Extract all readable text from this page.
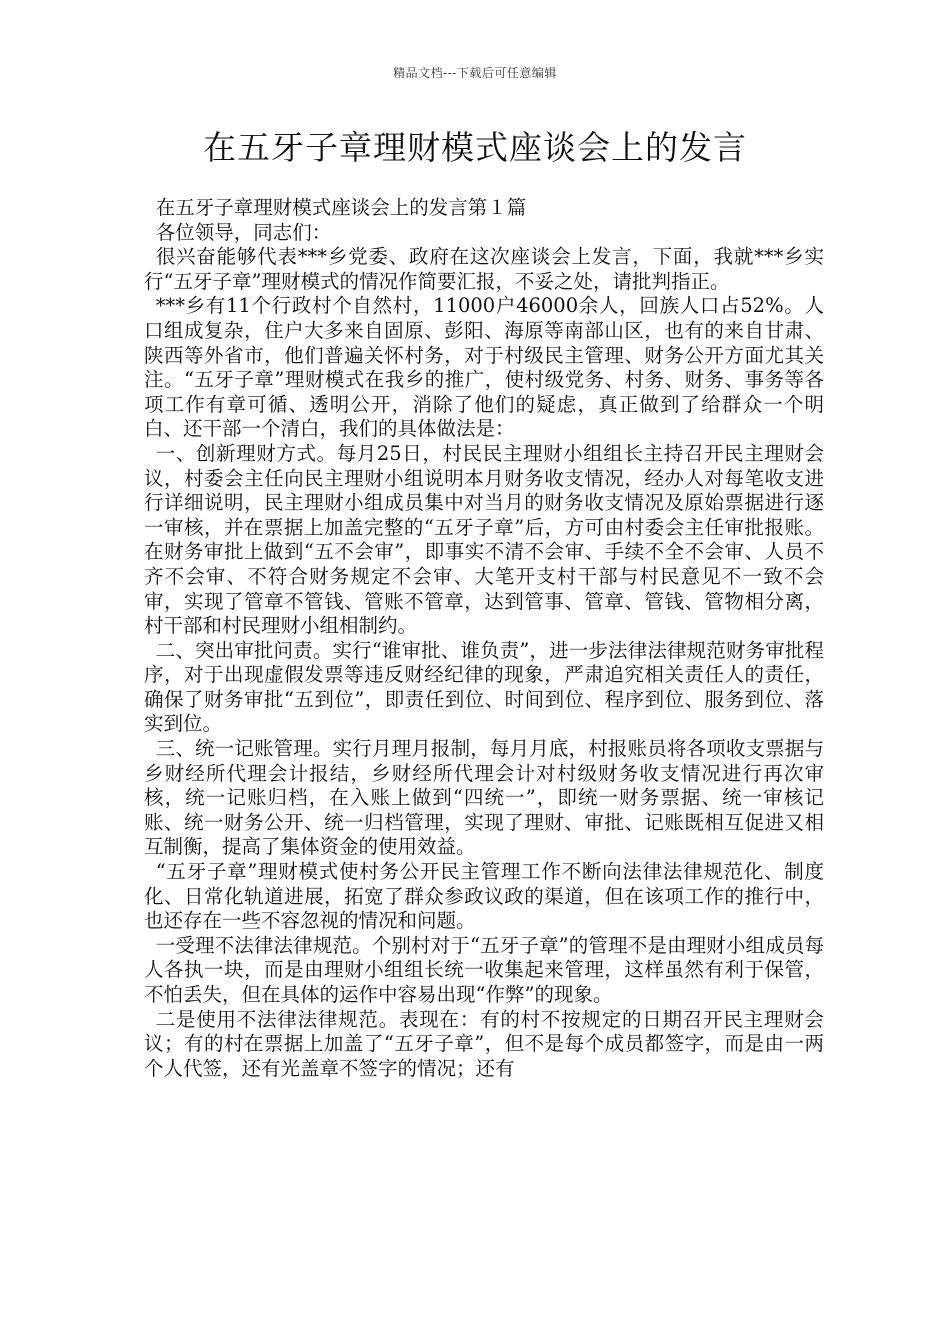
精品文档---下载后可任意编辑
在五牙子章理财模式座谈会上的发言

在五牙子章理财模式座谈会上的发言第１篇

各位领导，同志们：

很兴奋能够代表***乡党委、政府在这次座谈会上发言，下面，我就***乡实行“五牙子章”理财模式的情况作简要汇报，不妥之处，请批判指正。

***乡有11个行政村个自然村，11000户46000余人，回族人口占52%。人口组成复杂，住户大多来自固原、彭阳、海原等南部山区，也有的来自甘肃、陕西等外省市，他们普遍关怀村务，对于村级民主管理、财务公开方面尤其关注。“五牙子章”理财模式在我乡的推广，使村级党务、村务、财务、事务等各项工作有章可循、透明公开，消除了他们的疑虑，真正做到了给群众一个明白、还干部一个清白，我们的具体做法是：

一、创新理财方式。每月25日，村民民主理财小组组长主持召开民主理财会议，村委会主任向民主理财小组说明本月财务收支情况，经办人对每笔收支进行详细说明，民主理财小组成员集中对当月的财务收支情况及原始票据进行逐一审核，并在票据上加盖完整的“五牙子章”后，方可由村委会主任审批报账。在财务审批上做到“五不会审”，即事实不清不会审、手续不全不会审、人员不齐不会审、不符合财务规定不会审、大笔开支村干部与村民意见不一致不会审，实现了管章不管钱、管账不管章，达到管事、管章、管钱、管物相分离，村干部和村民理财小组相制约。

二、突出审批问责。实行“谁审批、谁负责”，进一步法律法律规范财务审批程序，对于出现虚假发票等违反财经纪律的现象，严肃追究相关责任人的责任，确保了财务审批“五到位”，即责任到位、时间到位、程序到位、服务到位、落实到位。

三、统一记账管理。实行月理月报制，每月月底，村报账员将各项收支票据与乡财经所代理会计报结，乡财经所代理会计对村级财务收支情况进行再次审核，统一记账归档，在入账上做到“四统一”，即统一财务票据、统一审核记账、统一财务公开、统一归档管理，实现了理财、审批、记账既相互促进又相互制衡，提高了集体资金的使用效益。

“五牙子章”理财模式使村务公开民主管理工作不断向法律法律规范化、制度化、日常化轨道进展，拓宽了群众参政议政的渠道，但在该项工作的推行中，也还存在一些不容忽视的情况和问题。

一受理不法律法律规范。个别村对于“五牙子章”的管理不是由理财小组成员每人各执一块，而是由理财小组组长统一收集起来管理，这样虽然有利于保管，不怕丢失，但在具体的运作中容易出现“作弊”的现象。

二是使用不法律法律规范。表现在：有的村不按规定的日期召开民主理财会议；有的村在票据上加盖了“五牙子章”，但不是每个成员都签字，而是由一两个人代签，还有光盖章不签字的情况；还有
